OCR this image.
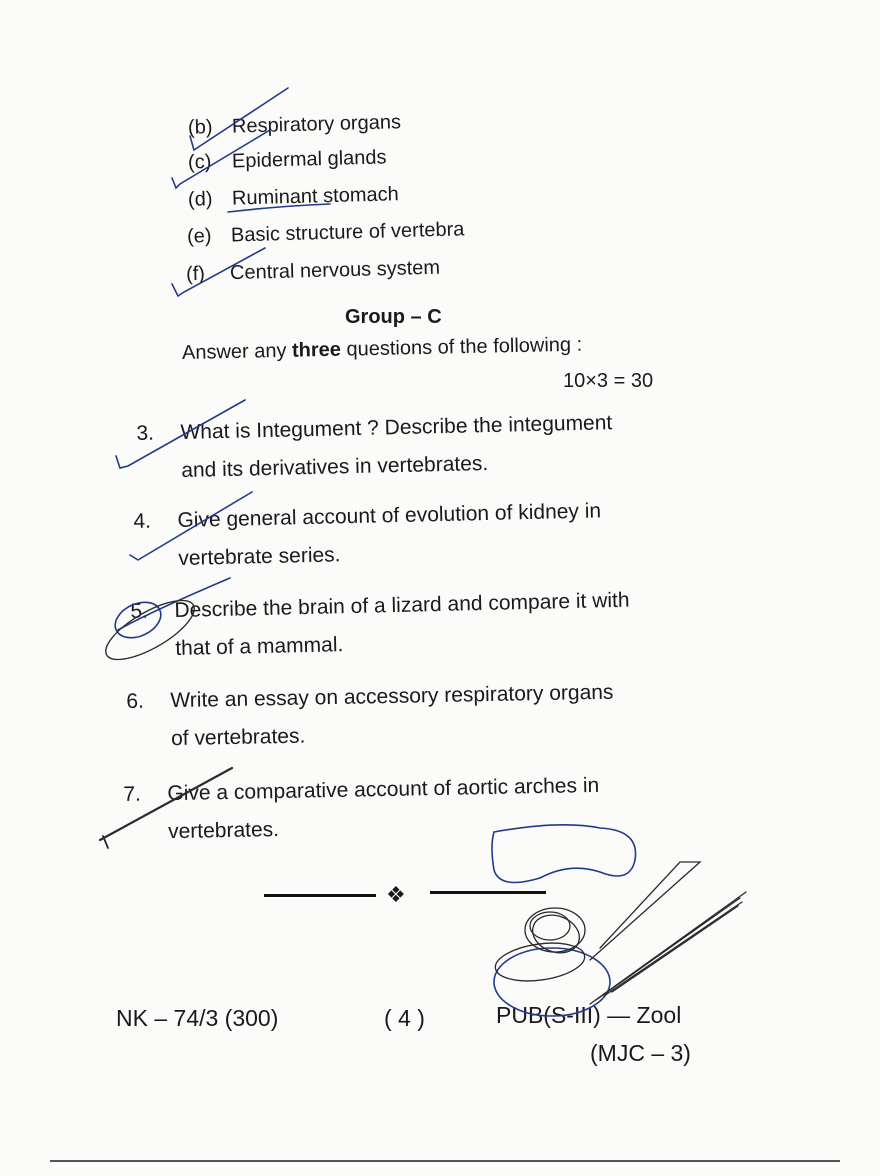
(b) Respiratory organs
(c) Epidermal glands
(d) Ruminant stomach
(e) Basic structure of vertebra
(f) Central nervous system
Group – C
Answer any three questions of the following :
10×3 = 30
3. What is Integument ? Describe the integument
and its derivatives in vertebrates.
4. Give general account of evolution of kidney in
vertebrate series.
5. Describe the brain of a lizard and compare it with
that of a mammal.
6. Write an essay on accessory respiratory organs
of vertebrates.
7. Give a comparative account of aortic arches in
vertebrates.
❖
NK – 74/3 (300)	( 4 )	PUB(S-III) — Zool
(MJC – 3)
